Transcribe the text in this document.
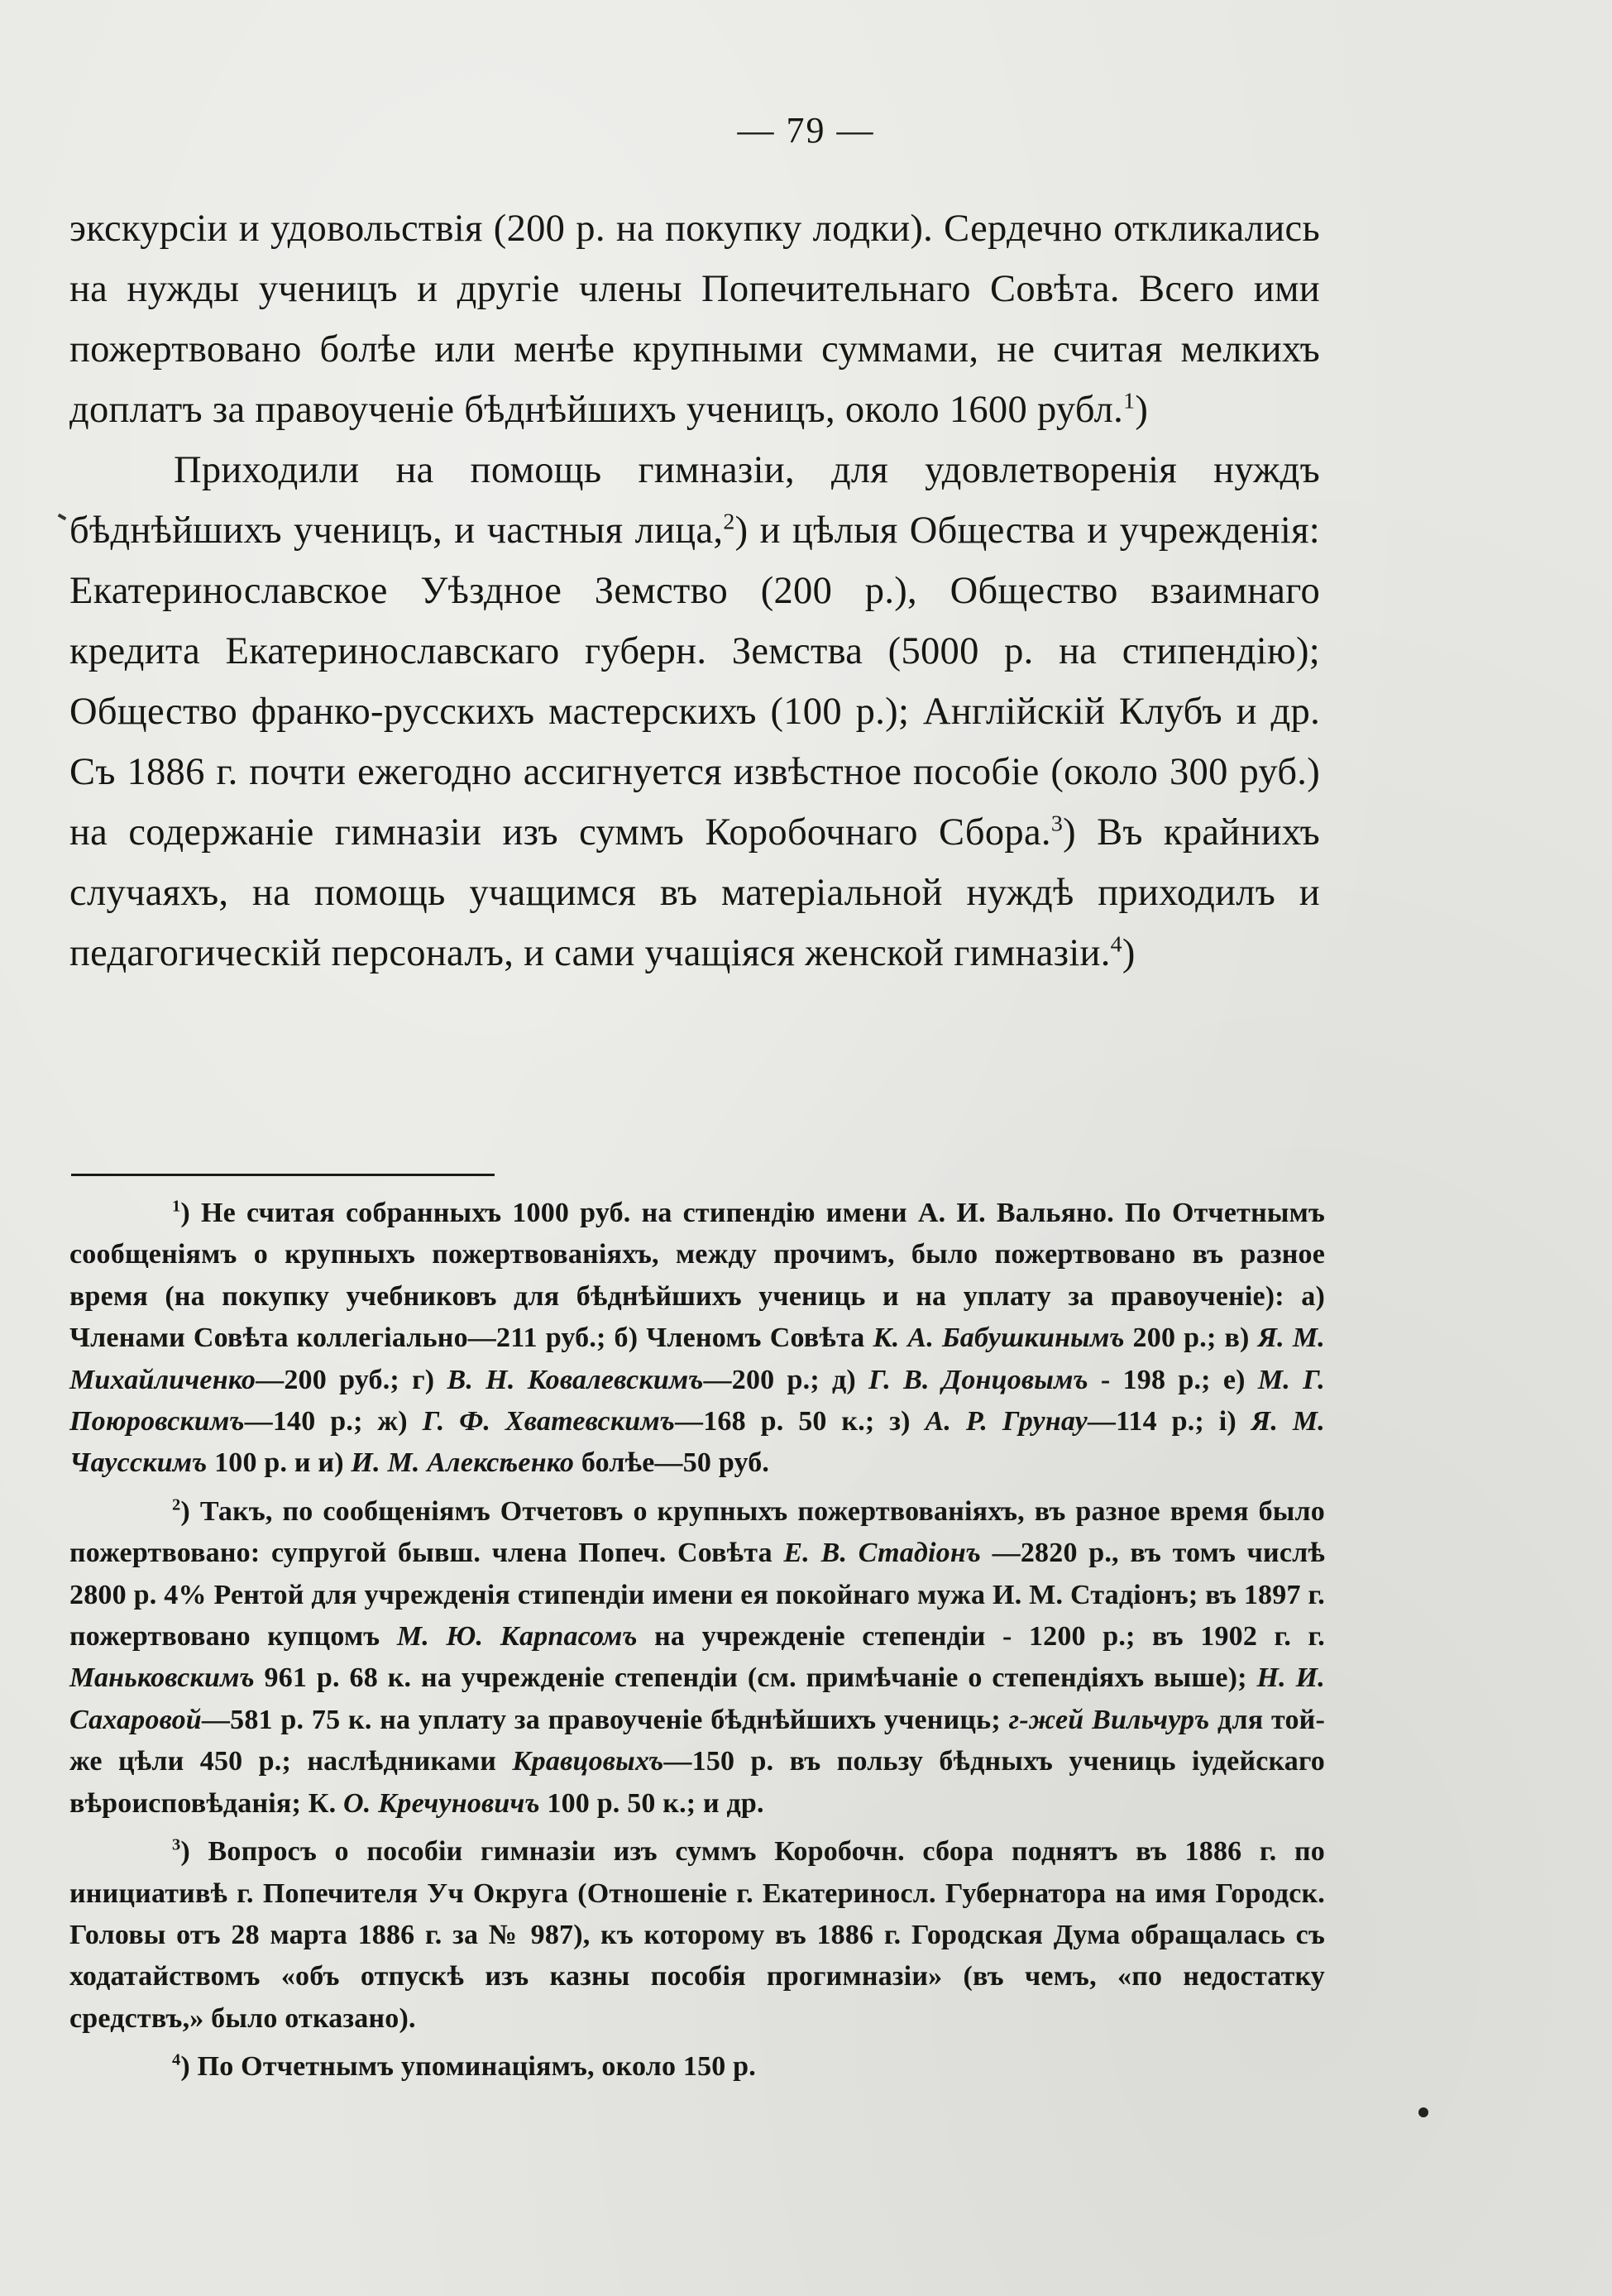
— 79 —

экскурсіи и удовольствія (200 р. на покупку лодки). Сердечно откликались на нужды ученицъ и другіе члены Попечительнаго Совѣта. Всего ими пожертвовано болѣе или менѣе крупными суммами, не считая мелкихъ доплатъ за правоученіе бѣднѣйшихъ ученицъ, около 1600 рубл.$^1$)

Приходили на помощь гимназіи, для удовлетворенія нуждъ бѣднѣйшихъ ученицъ, и частныя лица,$^2$) и цѣлыя Общества и учрежденія: Екатеринославское Уѣздное Земство (200 р.), Общество взаимнаго кредита Екатеринославскаго губерн. Земства (5000 р. на стипендію); Общество франко-русскихъ мастерскихъ (100 р.); Англійскій Клубъ и др. Съ 1886 г. почти ежегодно ассигнуется извѣстное пособіе (около 300 руб.) на содержаніе гимназіи изъ суммъ Коробочнаго Сбора.$^3$) Въ крайнихъ случаяхъ, на помощь учащимся въ матеріальной нуждѣ приходилъ и педагогическій персоналъ, и сами учащіяся женской гимназіи.$^4$)

$^1$) Не считая собранныхъ 1000 руб. на стипендію имени А. И. Вальяно. По Отчетнымъ сообщеніямъ о крупныхъ пожертвованіяхъ, между прочимъ, было пожертвовано въ разное время (на покупку учебниковъ для бѣднѣйшихъ учениць и на уплату за правоученіе): а) Членами Совѣта коллегіально—211 руб.; б) Членомъ Совѣта К. А. Бабушкинымъ 200 р.; в) Я. М. Михайличенко—200 руб.; г) В. Н. Ковалевскимъ—200 р.; д) Г. В. Донцовымъ - 198 р.; е) М. Г. Поюровскимъ—140 р.; ж) Г. Ф. Хватевскимъ—168 р. 50 к.; з) А. Р. Грунау—114 р.; і) Я. М. Чаусскимъ 100 р. и и) И. М. Алексѣенко болѣе—50 руб.

$^2$) Такъ, по сообщеніямъ Отчетовъ о крупныхъ пожертвованіяхъ, въ разное время было пожертвовано: супругой бывш. члена Попеч. Совѣта Е. В. Стадіонъ —2820 р., въ томъ числѣ 2800 р. 4% Рентой для учрежденія стипендіи имени ея покойнаго мужа И. М. Стадіонъ; въ 1897 г. пожертвовано купцомъ М. Ю. Карпасомъ на учрежденіе степендіи - 1200 р.; въ 1902 г. г. Маньковскимъ 961 р. 68 к. на учрежденіе степендіи (см. примѣчаніе о степендіяхъ выше); Н. И. Сахаровой—581 р. 75 к. на уплату за правоученіе бѣднѣйшихъ учениць; г-жей Вильчуръ для той-же цѣли 450 р.; наслѣдниками Кравцовыхъ—150 р. въ пользу бѣдныхъ учениць іудейскаго вѣроисповѣданія; К. О. Кречуновичъ 100 р. 50 к.; и др.

$^3$) Вопросъ о пособіи гимназіи изъ суммъ Коробочн. сбора поднятъ въ 1886 г. по инициативѣ г. Попечителя Уч Округа (Отношеніе г. Екатериносл. Губернатора на имя Городск. Головы отъ 28 марта 1886 г. за № 987), къ которому въ 1886 г. Городская Дума обращалась съ ходатайствомъ «объ отпускѣ изъ казны пособія прогимназіи» (въ чемъ, «по недостатку средствъ,» было отказано).

$^4$) По Отчетнымъ упоминаціямъ, около 150 р.
